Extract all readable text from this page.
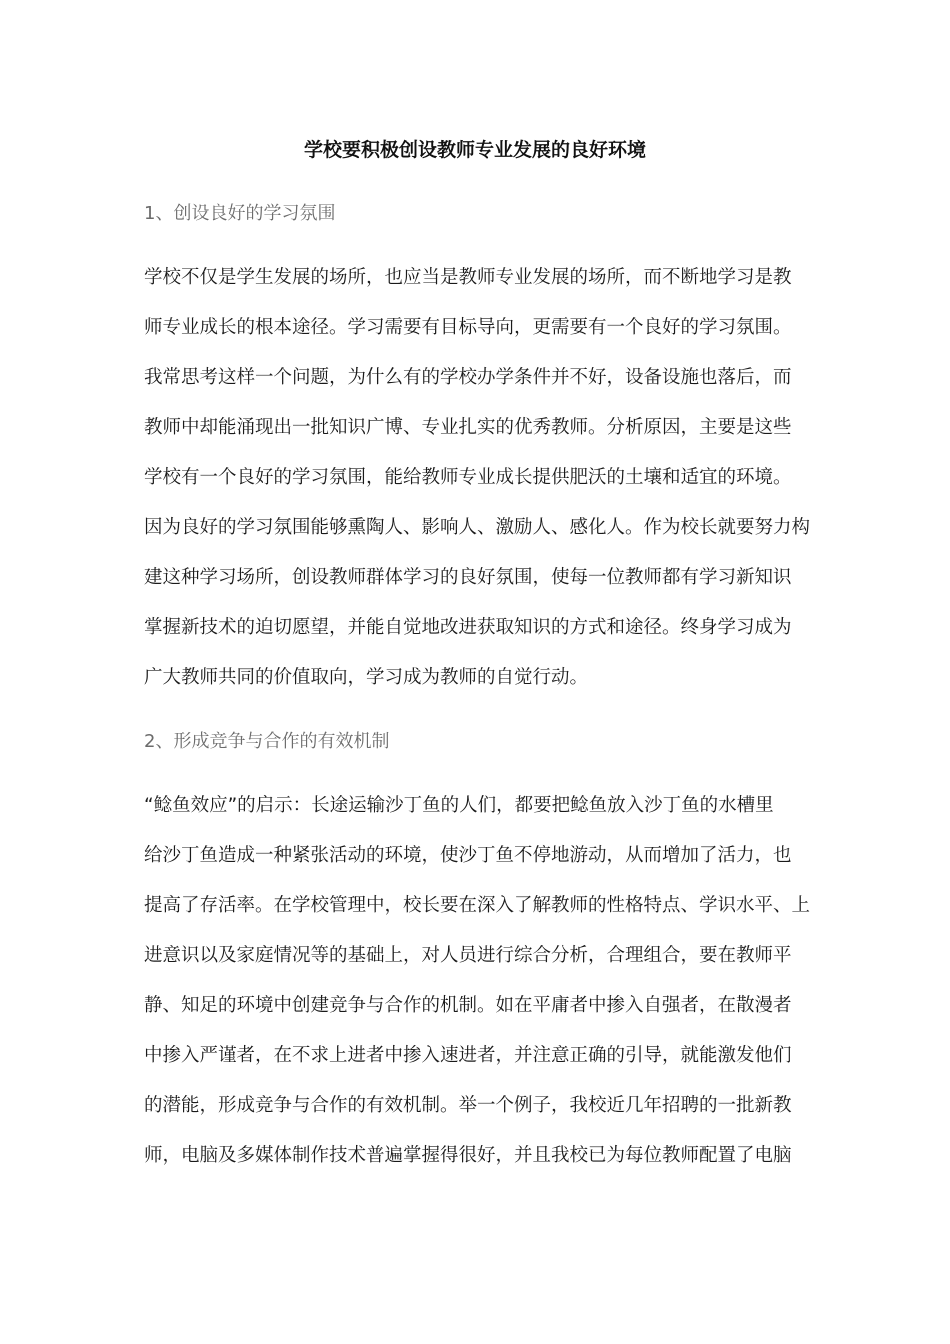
学校要积极创设教师专业发展的良好环境
1、创设良好的学习氛围
学校不仅是学生发展的场所，也应当是教师专业发展的场所，而不断地学习是教
师专业成长的根本途径。学习需要有目标导向，更需要有一个良好的学习氛围。
我常思考这样一个问题，为什么有的学校办学条件并不好，设备设施也落后，而
教师中却能涌现出一批知识广博、专业扎实的优秀教师。分析原因，主要是这些
学校有一个良好的学习氛围，能给教师专业成长提供肥沃的土壤和适宜的环境。
因为良好的学习氛围能够熏陶人、影响人、激励人、感化人。作为校长就要努力构
建这种学习场所，创设教师群体学习的良好氛围，使每一位教师都有学习新知识
掌握新技术的迫切愿望，并能自觉地改进获取知识的方式和途径。终身学习成为
广大教师共同的价值取向，学习成为教师的自觉行动。
2、形成竞争与合作的有效机制
“鲶鱼效应”的启示：长途运输沙丁鱼的人们，都要把鲶鱼放入沙丁鱼的水槽里
给沙丁鱼造成一种紧张活动的环境，使沙丁鱼不停地游动，从而增加了活力，也
提高了存活率。在学校管理中，校长要在深入了解教师的性格特点、学识水平、上
进意识以及家庭情况等的基础上，对人员进行综合分析，合理组合，要在教师平
静、知足的环境中创建竞争与合作的机制。如在平庸者中掺入自强者，在散漫者
中掺入严谨者，在不求上进者中掺入速进者，并注意正确的引导，就能激发他们
的潜能，形成竞争与合作的有效机制。举一个例子，我校近几年招聘的一批新教
师，电脑及多媒体制作技术普遍掌握得很好，并且我校已为每位教师配置了电脑
